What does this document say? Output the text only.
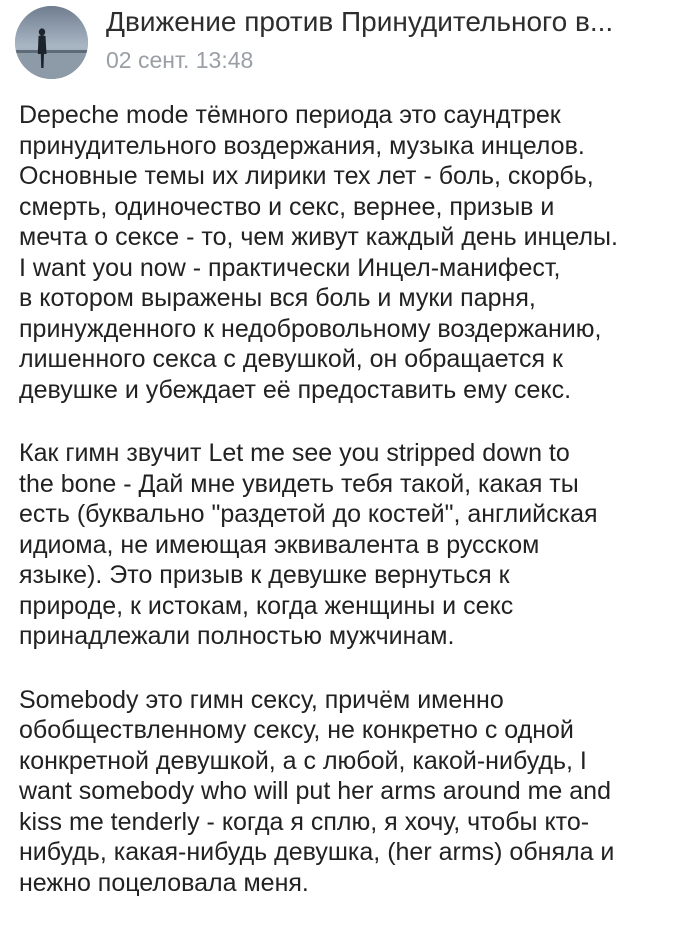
Движение против Принудительного в...
02 сент. 13:48

Depeche mode тёмного периода это саундтрек
принудительного воздержания, музыка инцелов.
Основные темы их лирики тех лет - боль, скорбь,
смерть, одиночество и секс, вернее, призыв и
мечта о сексе - то, чем живут каждый день инцелы.
I want you now - практически Инцел-манифест,
в котором выражены вся боль и муки парня,
принужденного к недобровольному воздержанию,
лишенного секса с девушкой, он обращается к
девушке и убеждает её предоставить ему секс.

Как гимн звучит Let me see you stripped down to
the bone - Дай мне увидеть тебя такой, какая ты
есть (буквально "раздетой до костей", английская
идиома, не имеющая эквивалента в русском
языке). Это призыв к девушке вернуться к
природе, к истокам, когда женщины и секс
принадлежали полностью мужчинам.

Somebody это гимн сексу, причём именно
обобществленному сексу, не конкретно с одной
конкретной девушкой, а с любой, какой-нибудь, I
want somebody who will put her arms around me and
kiss me tenderly - когда я сплю, я хочу, чтобы кто-
нибудь, какая-нибудь девушка, (her arms) обняла и
нежно поцеловала меня.
